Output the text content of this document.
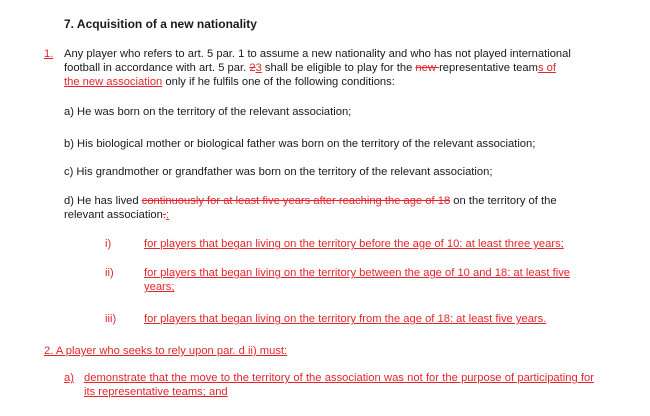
7. Acquisition of a new nationality
1. Any player who refers to art. 5 par. 1 to assume a new nationality and who has not played international
football in accordance with art. 5 par. 23 shall be eligible to play for the new representative teams of
the new association only if he fulfils one of the following conditions:
a) He was born on the territory of the relevant association;
b) His biological mother or biological father was born on the territory of the relevant association;
c) His grandmother or grandfather was born on the territory of the relevant association;
d) He has lived continuously for at least five years after reaching the age of 18 on the territory of the
relevant association.:
i)	for players that began living on the territory before the age of 10: at least three years;
ii)	for players that began living on the territory between the age of 10 and 18: at least five years;
iii) for players that began living on the territory from the age of 18: at least five years.
2. A player who seeks to rely upon par. d ii) must:
a) demonstrate that the move to the territory of the association was not for the purpose of participating for its representative teams; and
